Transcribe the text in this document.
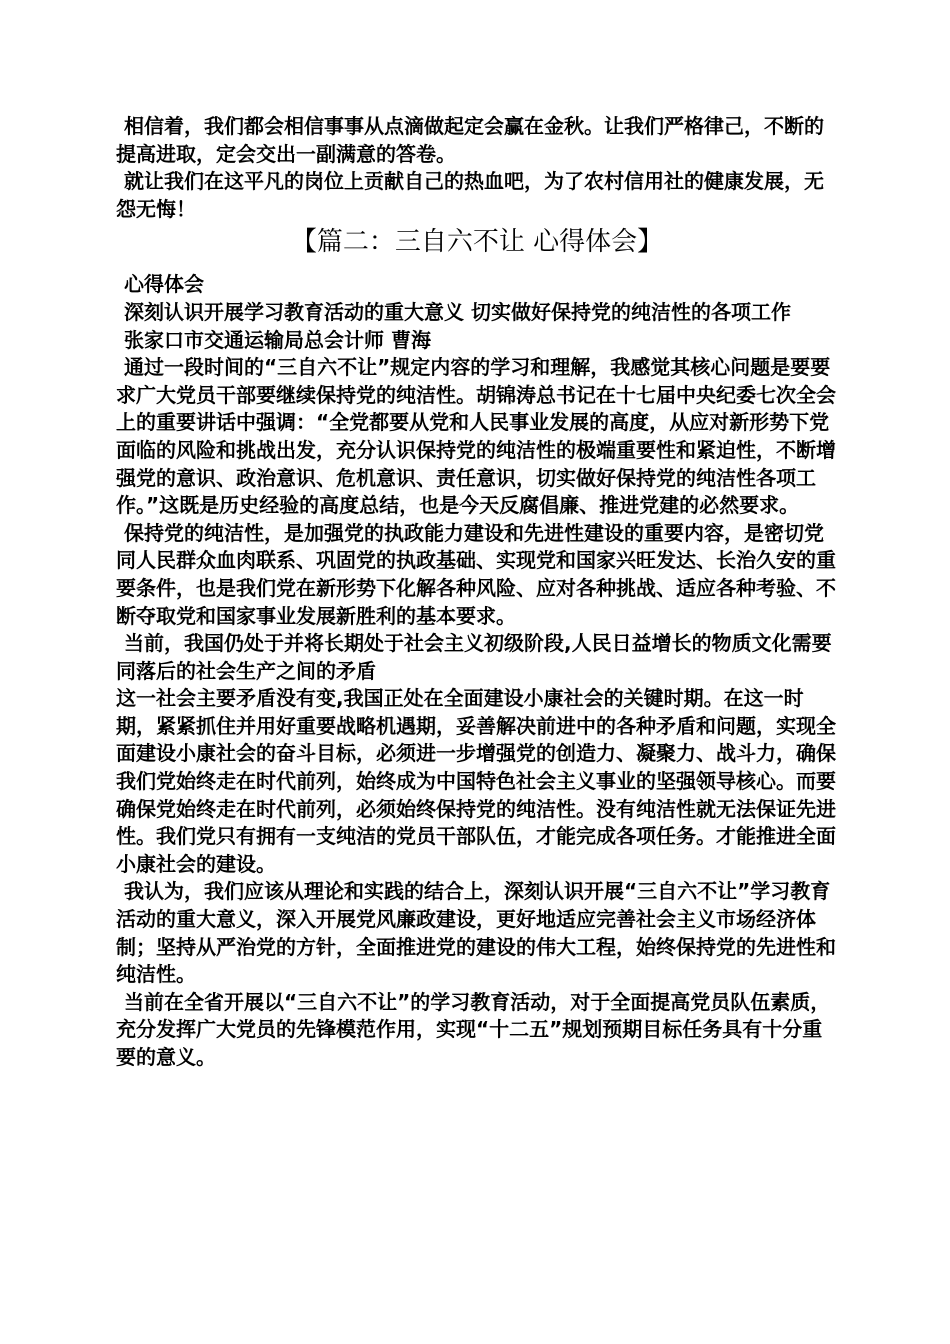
相信着，我们都会相信事事从点滴做起定会赢在金秋。让我们严格律己，不断的提高进取，定会交出一副满意的答卷。

就让我们在这平凡的岗位上贡献自己的热血吧，为了农村信用社的健康发展，无怨无悔！

【篇二：三自六不让 心得体会】

心得体会

深刻认识开展学习教育活动的重大意义 切实做好保持党的纯洁性的各项工作

张家口市交通运输局总会计师 曹海

通过一段时间的“三自六不让”规定内容的学习和理解，我感觉其核心问题是要要求广大党员干部要继续保持党的纯洁性。胡锦涛总书记在十七届中央纪委七次全会上的重要讲话中强调：“全党都要从党和人民事业发展的高度，从应对新形势下党面临的风险和挑战出发，充分认识保持党的纯洁性的极端重要性和紧迫性，不断增强党的意识、政治意识、危机意识、责任意识，切实做好保持党的纯洁性各项工作。”这既是历史经验的高度总结，也是今天反腐倡廉、推进党建的必然要求。

保持党的纯洁性，是加强党的执政能力建设和先进性建设的重要内容，是密切党同人民群众血肉联系、巩固党的执政基础、实现党和国家兴旺发达、长治久安的重要条件，也是我们党在新形势下化解各种风险、应对各种挑战、适应各种考验、不断夺取党和国家事业发展新胜利的基本要求。

当前，我国仍处于并将长期处于社会主义初级阶段,人民日益增长的物质文化需要同落后的社会生产之间的矛盾

这一社会主要矛盾没有变,我国正处在全面建设小康社会的关键时期。在这一时期，紧紧抓住并用好重要战略机遇期，妥善解决前进中的各种矛盾和问题，实现全面建设小康社会的奋斗目标，必须进一步增强党的创造力、凝聚力、战斗力，确保我们党始终走在时代前列，始终成为中国特色社会主义事业的坚强领导核心。而要确保党始终走在时代前列，必须始终保持党的纯洁性。没有纯洁性就无法保证先进性。我们党只有拥有一支纯洁的党员干部队伍，才能完成各项任务。才能推进全面小康社会的建设。

我认为，我们应该从理论和实践的结合上，深刻认识开展“三自六不让”学习教育活动的重大意义，深入开展党风廉政建设，更好地适应完善社会主义市场经济体制；坚持从严治党的方针，全面推进党的建设的伟大工程，始终保持党的先进性和纯洁性。

当前在全省开展以“三自六不让”的学习教育活动，对于全面提高党员队伍素质，充分发挥广大党员的先锋模范作用，实现“十二五”规划预期目标任务具有十分重要的意义。
